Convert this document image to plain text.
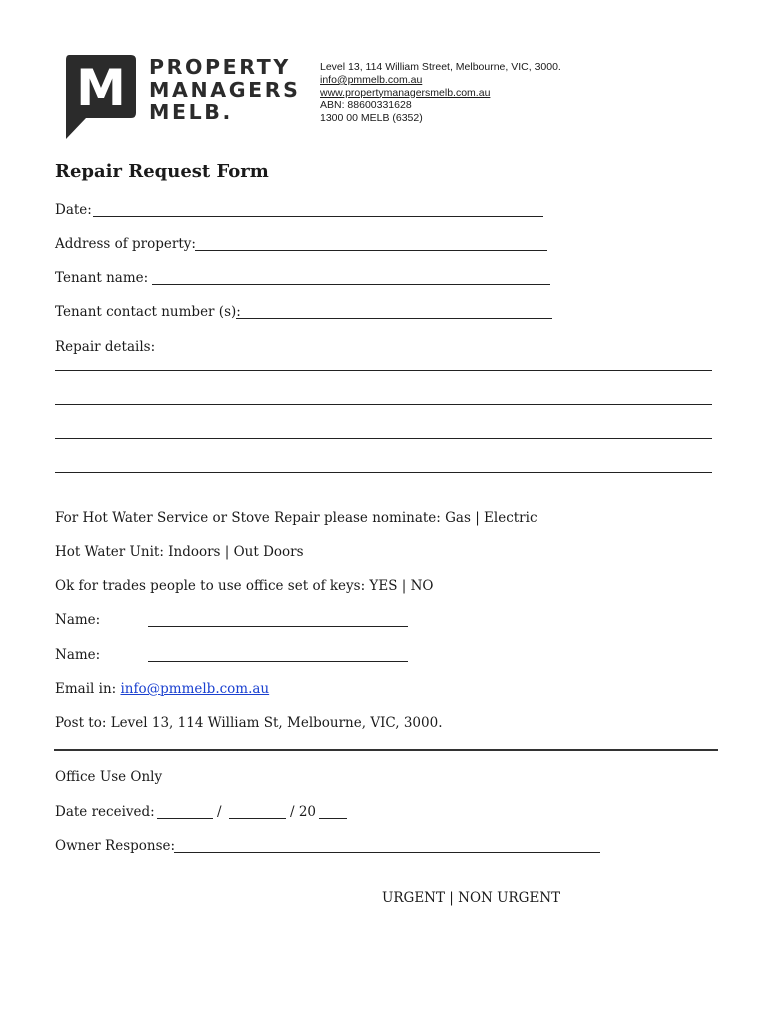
M PROPERTY
MANAGERS
MELB.
Level 13, 114 William Street, Melbourne, VIC, 3000.
info@pmmelb.com.au
www.propertymanagersmelb.com.au
ABN: 88600331628
1300 00 MELB (6352)
Repair Request Form
Date:
Address of property:
Tenant name:
Tenant contact number (s):
Repair details:
For Hot Water Service or Stove Repair please nominate: Gas | Electric
Hot Water Unit: Indoors | Out Doors
Ok for trades people to use office set of keys: YES | NO
Name:
Name:
Email in: info@pmmelb.com.au
Post to: Level 13, 114 William St, Melbourne, VIC, 3000.
Office Use Only
Date received:	/	/ 20
Owner Response:
URGENT | NON URGENT
